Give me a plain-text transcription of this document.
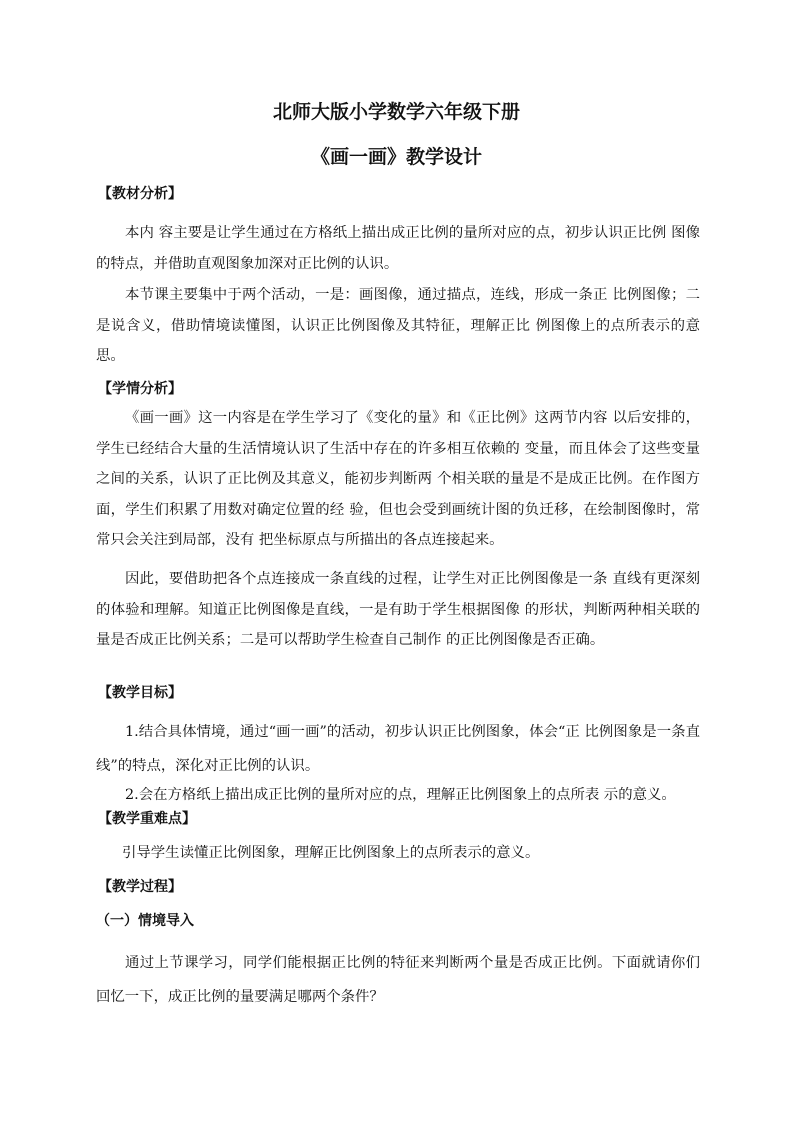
北师大版小学数学六年级下册
《画一画》教学设计
【教材分析】

本内 容主要是让学生通过在方格纸上描出成正比例的量所对应的点，初步认识正比例 图像的特点，并借助直观图象加深对正比例的认识。

本节课主要集中于两个活动，一是：画图像，通过描点，连线，形成一条正 比例图像；二是说含义，借助情境读懂图，认识正比例图像及其特征，理解正比 例图像上的点所表示的意思。

【学情分析】

《画一画》这一内容是在学生学习了《变化的量》和《正比例》这两节内容 以后安排的，学生已经结合大量的生活情境认识了生活中存在的许多相互依赖的 变量，而且体会了这些变量之间的关系，认识了正比例及其意义，能初步判断两 个相关联的量是不是成正比例。在作图方面，学生们积累了用数对确定位置的经 验，但也会受到画统计图的负迁移，在绘制图像时，常常只会关注到局部，没有 把坐标原点与所描出的各点连接起来。

因此，要借助把各个点连接成一条直线的过程，让学生对正比例图像是一条 直线有更深刻的体验和理解。知道正比例图像是直线，一是有助于学生根据图像 的形状，判断两种相关联的量是否成正比例关系；二是可以帮助学生检查自己制作 的正比例图像是否正确。

【教学目标】

1.结合具体情境，通过“画一画”的活动，初步认识正比例图象，体会“正 比例图象是一条直线”的特点，深化对正比例的认识。

2.会在方格纸上描出成正比例的量所对应的点，理解正比例图象上的点所表 示的意义。

【教学重难点】
引导学生读懂正比例图象，理解正比例图象上的点所表示的意义。
【教学过程】
（一）情境导入

通过上节课学习，同学们能根据正比例的特征来判断两个量是否成正比例。下面就请你们回忆一下，成正比例的量要满足哪两个条件？
